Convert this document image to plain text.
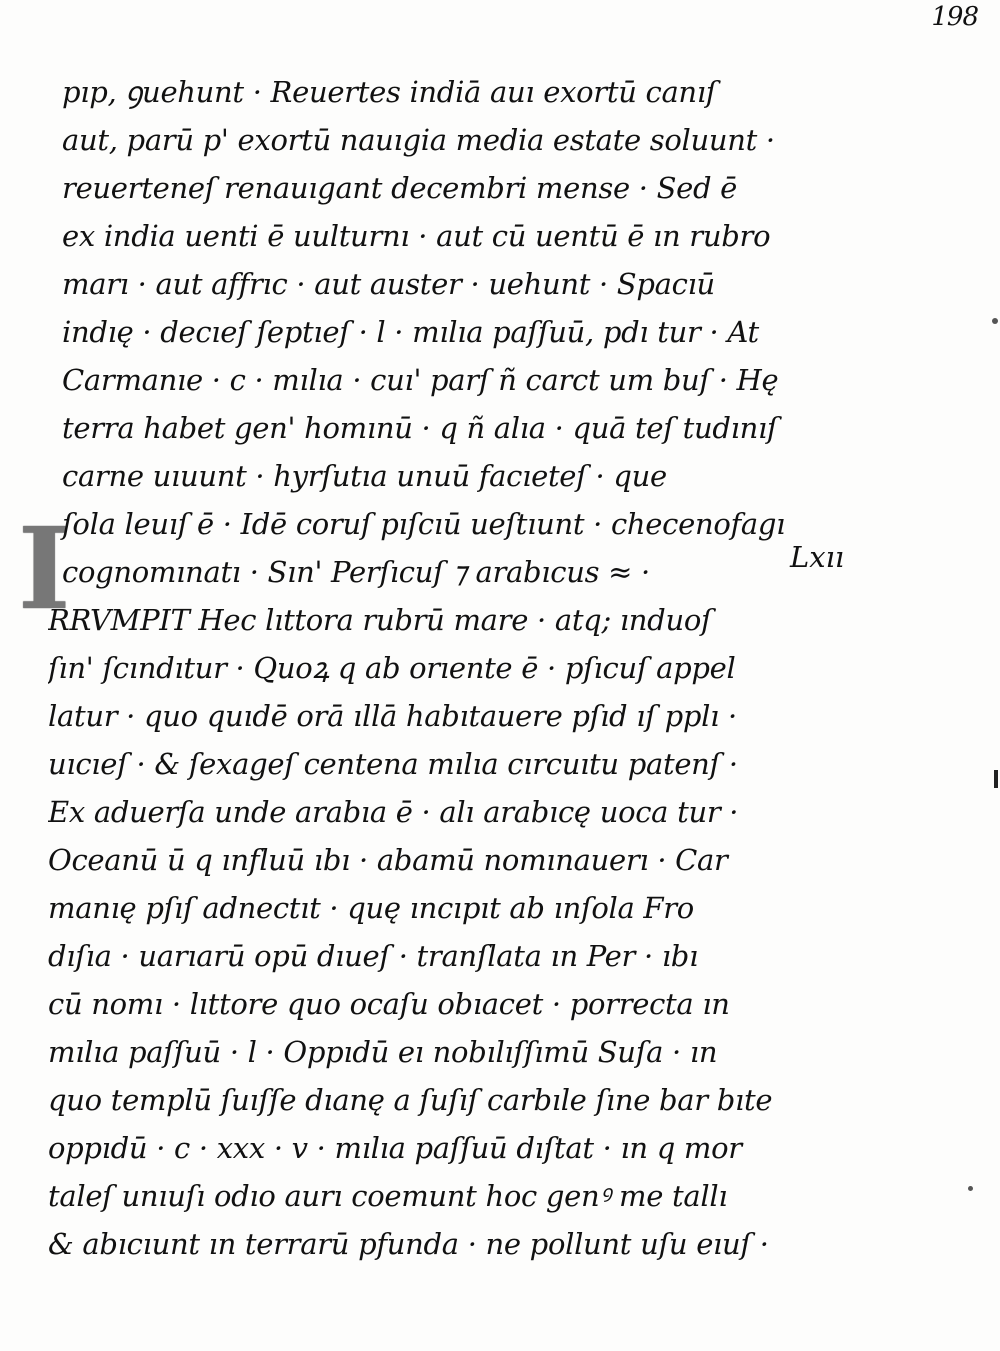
198
I	Lxıı
pıp, ꝯuehunt · Reuertes indiā auı exortū canıſ
aut, parū p' exortū nauıgia media estate soluunt ·
reuerteneſ renauıgant decembri mense · Sed ē
ex india uenti ē uulturnı · aut cū uentū ē ın rubro
marı · aut affrıc · aut auster · uehunt · Spacıū
indıę · decıeſ ſeptıeſ · l · mılıa paſſuū, pdı tur · At
Carmanıe · c · mılıa · cuı' parſ ñ carct um buſ · Hę
terra habet gen' homınū · q ñ alıa · quā teſ tudınıſ
carne uıuunt · hyrſutıa unuū facıeteſ · que
ſola leuıſ ē · Idē coruſ pıſcıū ueſtıunt · checenofagı
cognomınatı · Sın' Perſıcuſ ⁊ arabıcus ≈ ·
RRVMPIT Hec lıttora rubrū mare · atq; ınduoſ
ſın' ſcındıtur · Quoꝝ q ab orıente ē · pſıcuſ appel
latur · quo quıdē orā ıllā habıtauere pſıd ıſ pplı ·
uıcıeſ · & ſexageſ centena mılıa cırcuıtu patenſ ·
Ex aduerſa unde arabıa ē · alı arabıcę uoca tur ·
Oceanū ū q ınfluū ıbı · abamū nomınauerı · Car
manıę pſıſ adnectıt · quę ıncıpıt ab ınſola Fro
dıſıa · uarıarū opū dıueſ · tranſlata ın Per · ıbı
cū nomı · lıttore quo ocaſu obıacet · porrecta ın
mılıa paſſuū · l · Oppıdū eı nobılıſſımū Suſa · ın
quo templū ſuıſſe dıanę a ſuſıſ carbıle ſıne bar bıte
oppıdū · c · xxx · v · mılıa paſſuū dıſtat · ın q mor
taleſ unıuſı odıo aurı coemunt hoc genꝰ me tallı
& abıcıunt ın terrarū pfunda · ne pollunt uſu eıuſ ·
